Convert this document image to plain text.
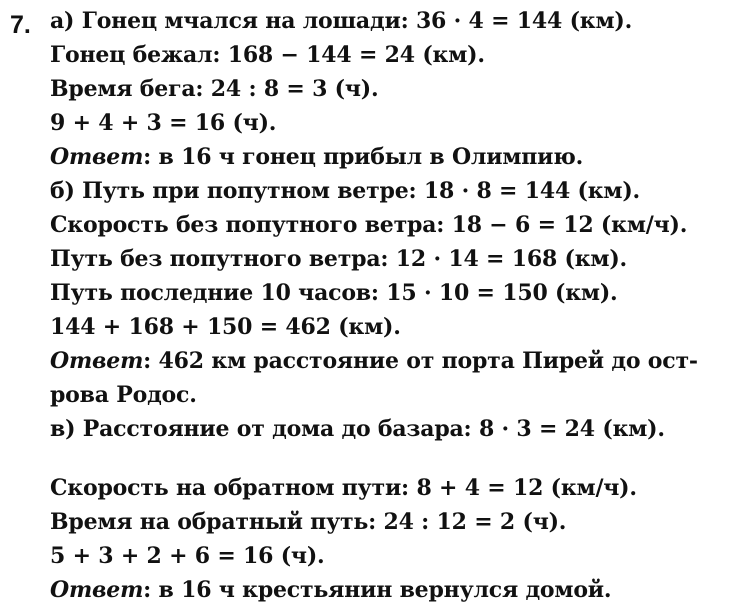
7. а) Гонец мчался на лошади: 36 · 4 = 144 (км).
Гонец бежал: 168 − 144 = 24 (км).
Время бега: 24 : 8 = 3 (ч).
9 + 4 + 3 = 16 (ч).
Ответ: в 16 ч гонец прибыл в Олимпию.
б) Путь при попутном ветре: 18 · 8 = 144 (км).
Скорость без попутного ветра: 18 − 6 = 12 (км/ч).
Путь без попутного ветра: 12 · 14 = 168 (км).
Путь последние 10 часов: 15 · 10 = 150 (км).
144 + 168 + 150 = 462 (км).
Ответ: 462 км расстояние от порта Пирей до ост-
рова Родос.
в) Расстояние от дома до базара: 8 · 3 = 24 (км).
Скорость на обратном пути: 8 + 4 = 12 (км/ч).
Время на обратный путь: 24 : 12 = 2 (ч).
5 + 3 + 2 + 6 = 16 (ч).
Ответ: в 16 ч крестьянин вернулся домой.
